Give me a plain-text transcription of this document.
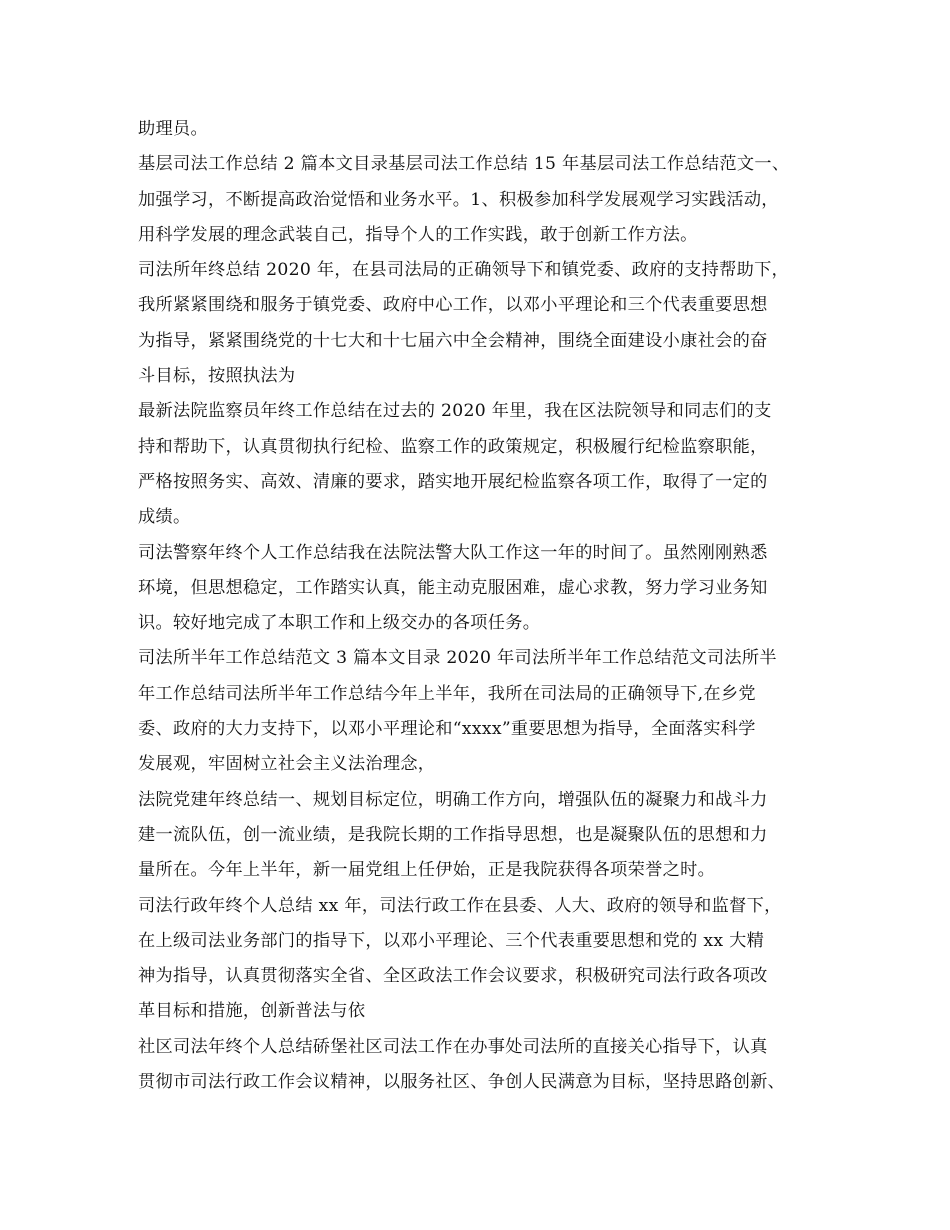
助理员。

基层司法工作总结 2 篇本文目录基层司法工作总结 15 年基层司法工作总结范文一、
加强学习，不断提高政治觉悟和业务水平。1、积极参加科学发展观学习实践活动，
用科学发展的理念武装自己，指导个人的工作实践，敢于创新工作方法。

司法所年终总结 2020 年，在县司法局的正确领导下和镇党委、政府的支持帮助下，
我所紧紧围绕和服务于镇党委、政府中心工作，以邓小平理论和三个代表重要思想
为指导，紧紧围绕党的十七大和十七届六中全会精神，围绕全面建设小康社会的奋
斗目标，按照执法为

最新法院监察员年终工作总结在过去的 2020 年里，我在区法院领导和同志们的支
持和帮助下，认真贯彻执行纪检、监察工作的政策规定，积极履行纪检监察职能，
严格按照务实、高效、清廉的要求，踏实地开展纪检监察各项工作，取得了一定的
成绩。

司法警察年终个人工作总结我在法院法警大队工作这一年的时间了。虽然刚刚熟悉
环境，但思想稳定，工作踏实认真，能主动克服困难，虚心求教，努力学习业务知
识。较好地完成了本职工作和上级交办的各项任务。

司法所半年工作总结范文 3 篇本文目录 2020 年司法所半年工作总结范文司法所半
年工作总结司法所半年工作总结今年上半年，我所在司法局的正确领导下,在乡党
委、政府的大力支持下，以邓小平理论和“xxxx”重要思想为指导，全面落实科学
发展观，牢固树立社会主义法治理念，

法院党建年终总结一、规划目标定位，明确工作方向，增强队伍的凝聚力和战斗力
建一流队伍，创一流业绩，是我院长期的工作指导思想，也是凝聚队伍的思想和力
量所在。今年上半年，新一届党组上任伊始，正是我院获得各项荣誉之时。

司法行政年终个人总结 xx 年，司法行政工作在县委、人大、政府的领导和监督下，
在上级司法业务部门的指导下，以邓小平理论、三个代表重要思想和党的 xx 大精
神为指导，认真贯彻落实全省、全区政法工作会议要求，积极研究司法行政各项改
革目标和措施，创新普法与依

社区司法年终个人总结硚堡社区司法工作在办事处司法所的直接关心指导下，认真
贯彻市司法行政工作会议精神，以服务社区、争创人民满意为目标，坚持思路创新、
